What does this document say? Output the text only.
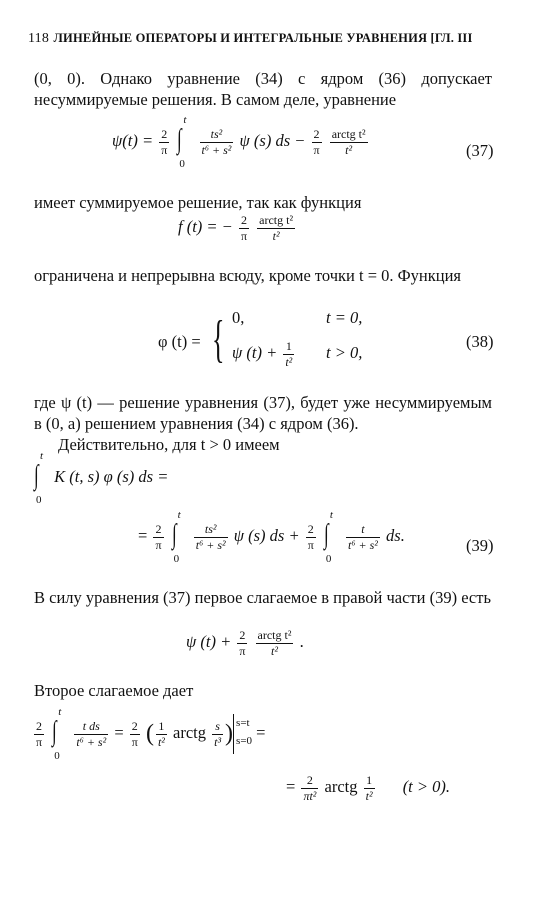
118 ЛИНЕЙНЫЕ ОПЕРАТОРЫ И ИНТЕГРАЛЬНЫЕ УРАВНЕНИЯ [ГЛ. III
(0, 0). Однако уравнение (34) с ядром (36) допускает несуммируемые решения. В самом деле, уравнение
$\psi(t) = \frac{2}{\pi}$
∫
t
0

$\frac{\text{ts²}}{\text{t⁶ + s²}}$ ψ (s) ds − $\frac{2}{\pi}$
$\frac{\text{arctg t²}}{\text{t²}}$	(37)
имеет суммируемое решение, так как функция
f (t) = − $\frac{2}{\pi}$
$\frac{\text{arctg t²}}{\text{t²}}$
ограничена и непрерывна всюду, кроме точки t = 0. Функция
φ (t) = { 0,	t = 0,
ψ $(t) + \frac{1}{\text{t²}}$ t > 0,
(38)
где ψ (t) — решение уравнения (37), будет уже несуммируемым в (0, a) решением уравнения (34) с ядром (36).
Действительно, для t > 0 имеем
∫
t
0
K (t, s) φ (s) ds =
= $\frac{2}{\pi}$
∫
t
0

$\frac{\text{ts²}}{\text{t⁶ + s²}}$ ψ (s) ds + $\frac{2}{\pi}$
∫
t
0

$\frac{t}{\text{t⁶ + s²}}$ ds.
(39)
В силу уравнения (37) первое слагаемое в правой части (39) есть
ψ $(t) + \frac{2}{\pi}$
$\frac{\text{arctg t²}}{\text{t²}}$ .
Второе слагаемое дает
$\frac{2}{\pi}$
∫
t
0

$\frac{\text{t ds}}{\text{t⁶ + s²}} = \frac{2}{\pi}$ ( $\frac{1}{\text{t²}}$ arctg $\frac{s}{\text{t³}}$ ) s=t
s=0 =
= $\frac{2}{\text{πt²}}$ arctg $\frac{1}{\text{t²}} (t > 0)$.
